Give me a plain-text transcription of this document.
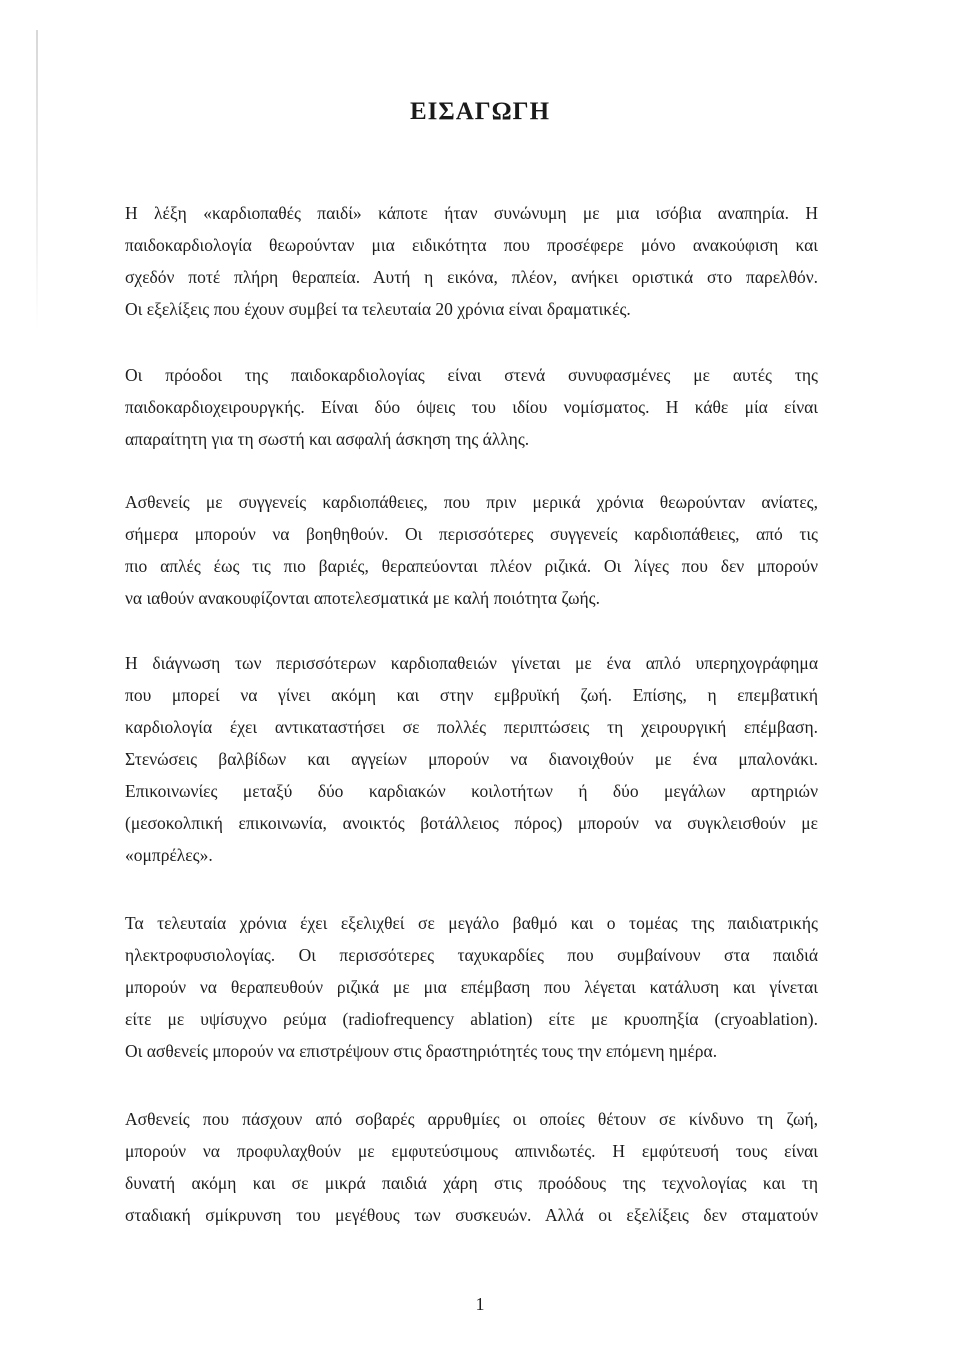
ΕΙΣΑΓΩΓΗ

Η λέξη «καρδιοπαθές παιδί» κάποτε ήταν συνώνυμη με μια ισόβια αναπηρία. Η
παιδοκαρδιολογία θεωρούνταν μια ειδικότητα που προσέφερε μόνο ανακούφιση και
σχεδόν ποτέ πλήρη θεραπεία. Αυτή η εικόνα, πλέον, ανήκει οριστικά στο παρελθόν.
Οι εξελίξεις που έχουν συμβεί τα τελευταία 20 χρόνια είναι δραματικές.

Οι πρόοδοι της παιδοκαρδιολογίας είναι στενά συνυφασμένες με αυτές της
παιδοκαρδιοχειρουργκής. Είναι δύο όψεις του ιδίου νομίσματος. Η κάθε μία είναι
απαραίτητη για τη σωστή και ασφαλή άσκηση της άλλης.

Ασθενείς με συγγενείς καρδιοπάθειες, που πριν μερικά χρόνια θεωρούνταν ανίατες,
σήμερα μπορούν να βοηθηθούν. Οι περισσότερες συγγενείς καρδιοπάθειες, από τις
πιο απλές έως τις πιο βαριές, θεραπεύονται πλέον ριζικά. Οι λίγες που δεν μπορούν
να ιαθούν ανακουφίζονται αποτελεσματικά με καλή ποιότητα ζωής.

Η διάγνωση των περισσότερων καρδιοπαθειών γίνεται με ένα απλό υπερηχογράφημα
που μπορεί να γίνει ακόμη και στην εμβρυϊκή ζωή. Επίσης, η επεμβατική
καρδιολογία έχει αντικαταστήσει σε πολλές περιπτώσεις τη χειρουργική επέμβαση.
Στενώσεις βαλβίδων και αγγείων μπορούν να διανοιχθούν με ένα μπαλονάκι.
Επικοινωνίες μεταξύ δύο καρδιακών κοιλοτήτων ή δύο μεγάλων αρτηριών
(μεσοκολπική επικοινωνία, ανοικτός βοτάλλειος πόρος) μπορούν να συγκλεισθούν με
«ομπρέλες».

Τα τελευταία χρόνια έχει εξελιχθεί σε μεγάλο βαθμό και ο τομέας της παιδιατρικής
ηλεκτροφυσιολογίας. Οι περισσότερες ταχυκαρδίες που συμβαίνουν στα παιδιά
μπορούν να θεραπευθούν ριζικά με μια επέμβαση που λέγεται κατάλυση και γίνεται
είτε με υψίσυχνο ρεύμα (radiofrequency ablation) είτε με κρυοπηξία (cryoablation).
Οι ασθενείς μπορούν να επιστρέψουν στις δραστηριότητές τους την επόμενη ημέρα.

Ασθενείς που πάσχουν από σοβαρές αρρυθμίες οι οποίες θέτουν σε κίνδυνο τη ζωή,
μπορούν να προφυλαχθούν με εμφυτεύσιμους απινιδωτές. Η εμφύτευσή τους είναι
δυνατή ακόμη και σε μικρά παιδιά χάρη στις προόδους της τεχνολογίας και τη
σταδιακή σμίκρυνση του μεγέθους των συσκευών. Αλλά οι εξελίξεις δεν σταματούν

1
